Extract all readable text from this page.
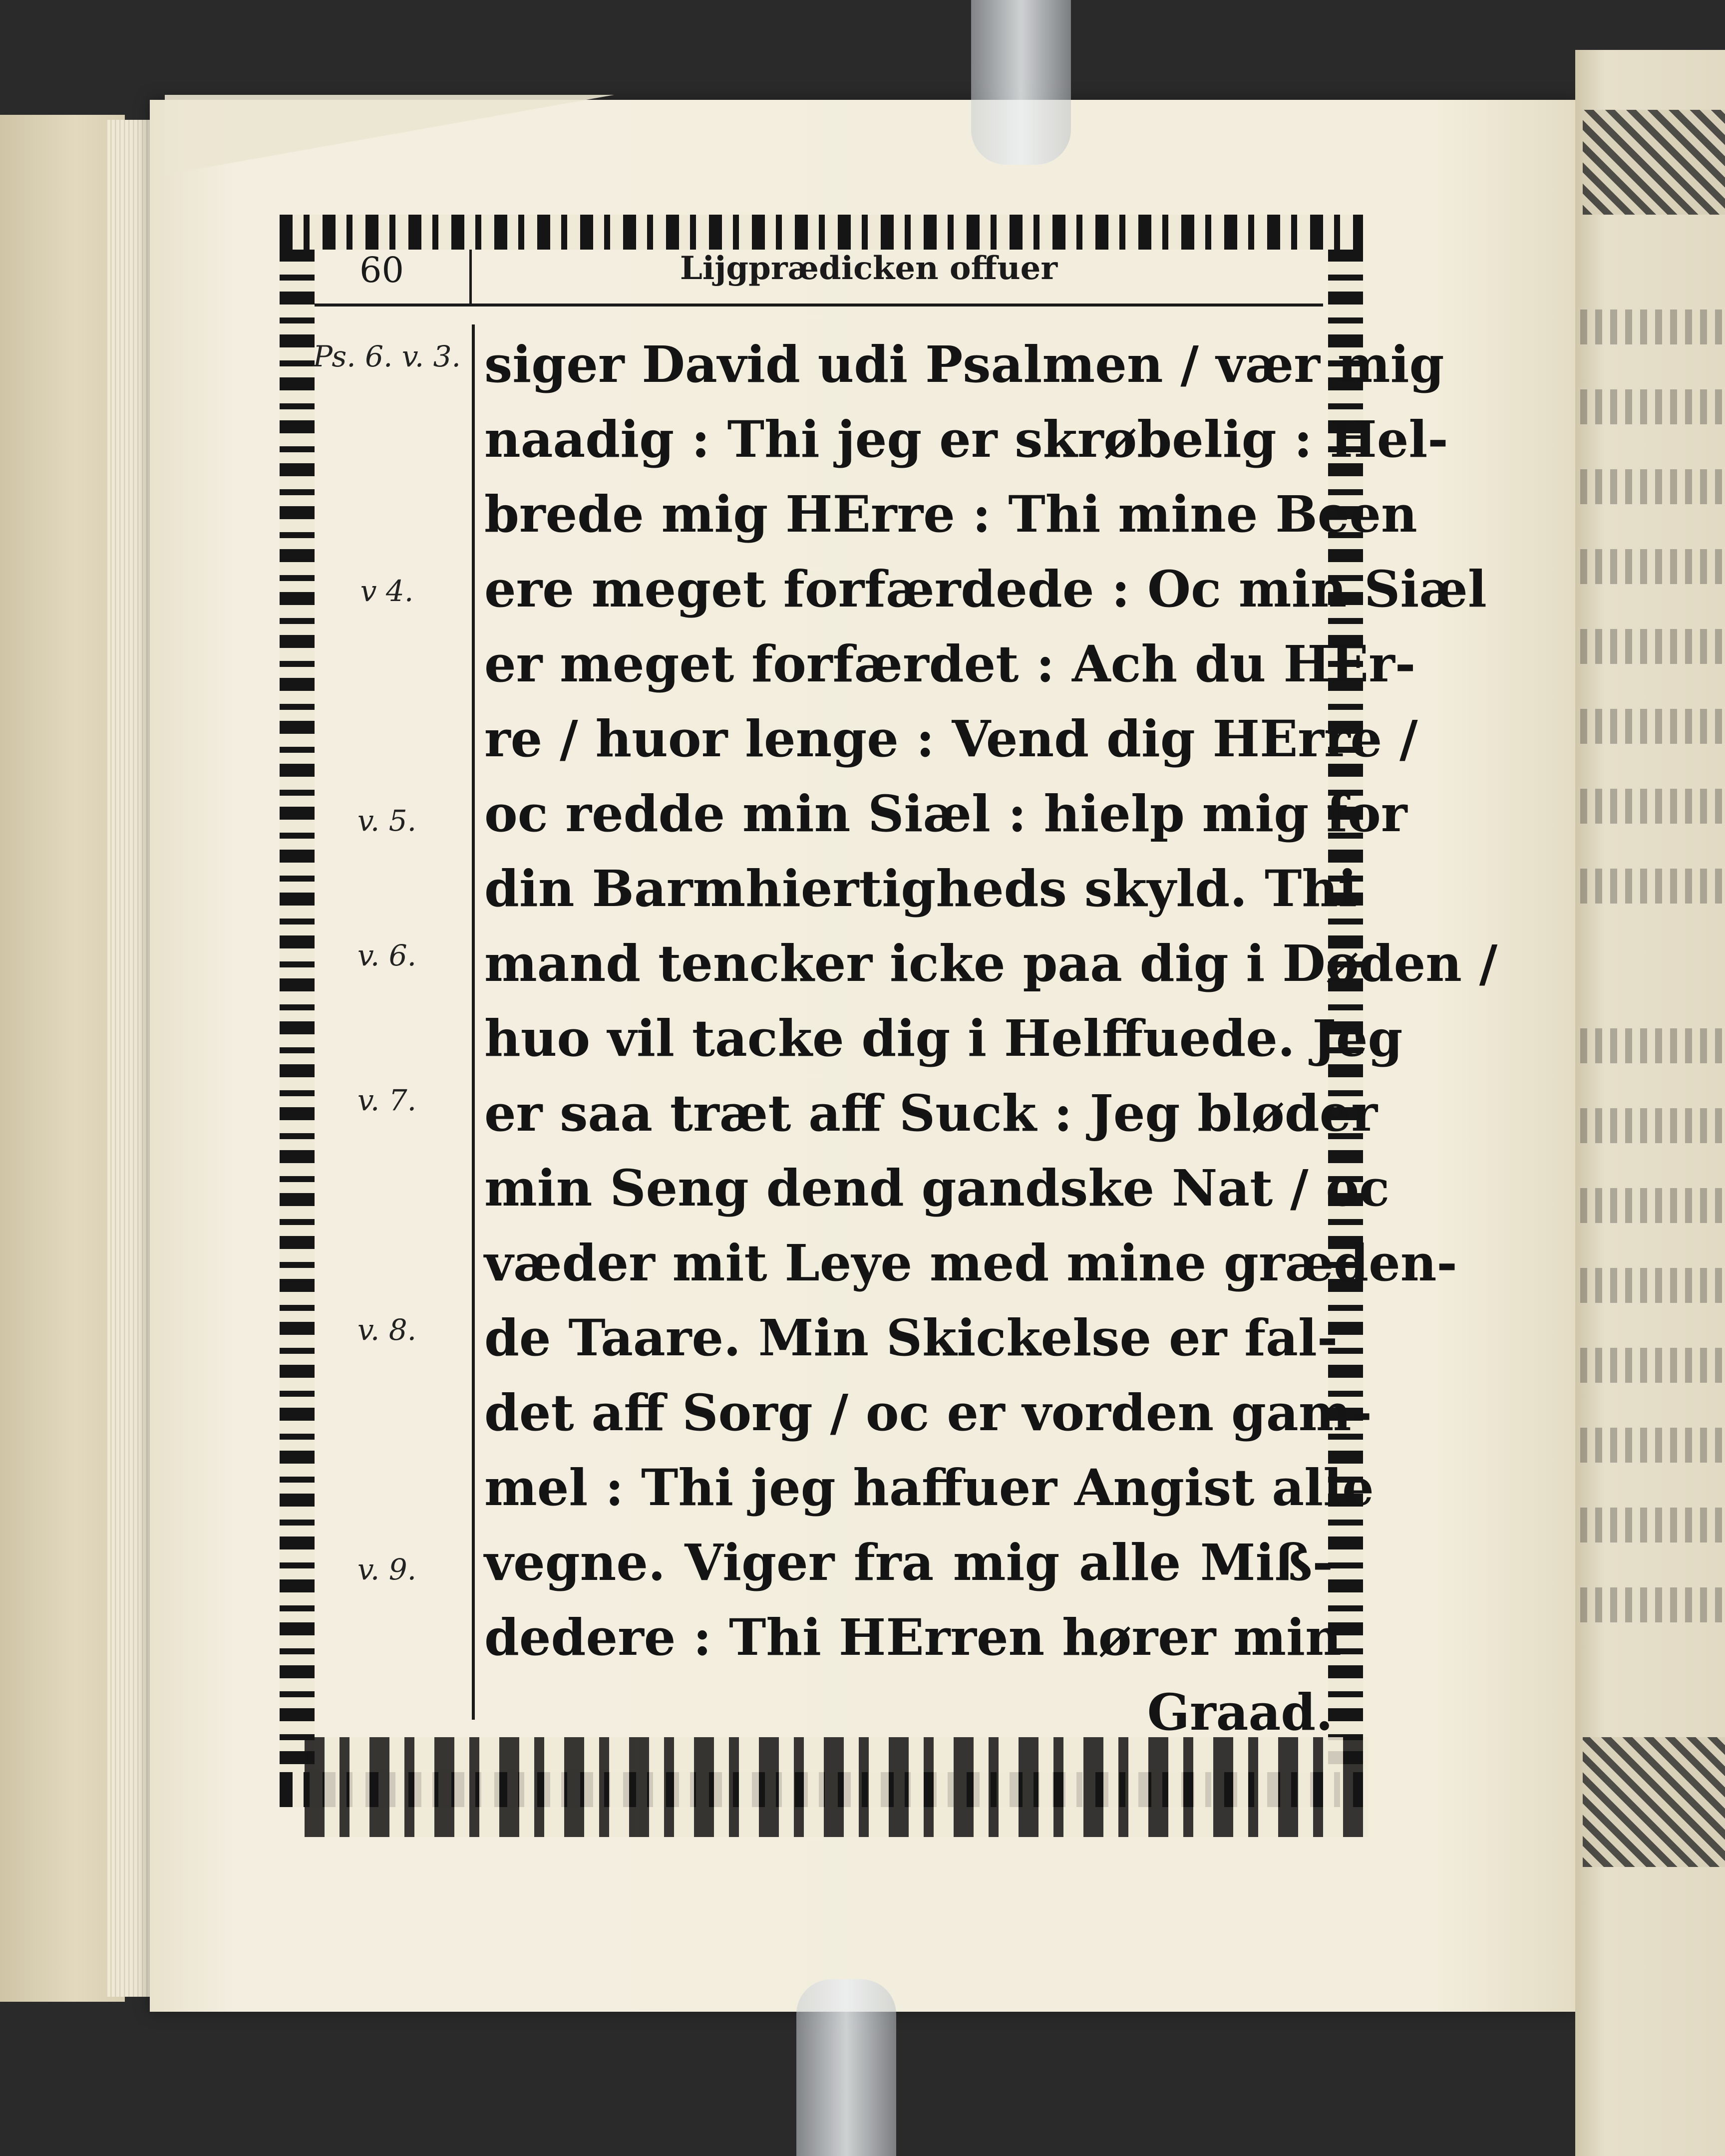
60	Lijgprædicken offuer
Ps. 6. v. 3.
v 4.
v. 5.
v. 6.
v. 7.
v. 8.
v. 9.
siger David udi Psalmen / vær mig
naadig : Thi jeg er skrøbelig : Hel-
brede mig HErre : Thi mine Been
ere meget forfærdede : Oc min Siæl
er meget forfærdet : Ach du HEr-
re / huor lenge : Vend dig HErre /
oc redde min Siæl : hielp mig for
din Barmhiertigheds skyld. Thi
mand tencker icke paa dig i Døden /
huo vil tacke dig i Helffuede. Jeg
er saa træt aff Suck : Jeg bløder
min Seng dend gandske Nat / oc
væder mit Leye med mine græden-
de Taare. Min Skickelse er fal-
det aff Sorg / oc er vorden gam-
mel : Thi jeg haffuer Angist alle
vegne. Viger fra mig alle Miß-
dedere : Thi HErren hører min
Graad.
